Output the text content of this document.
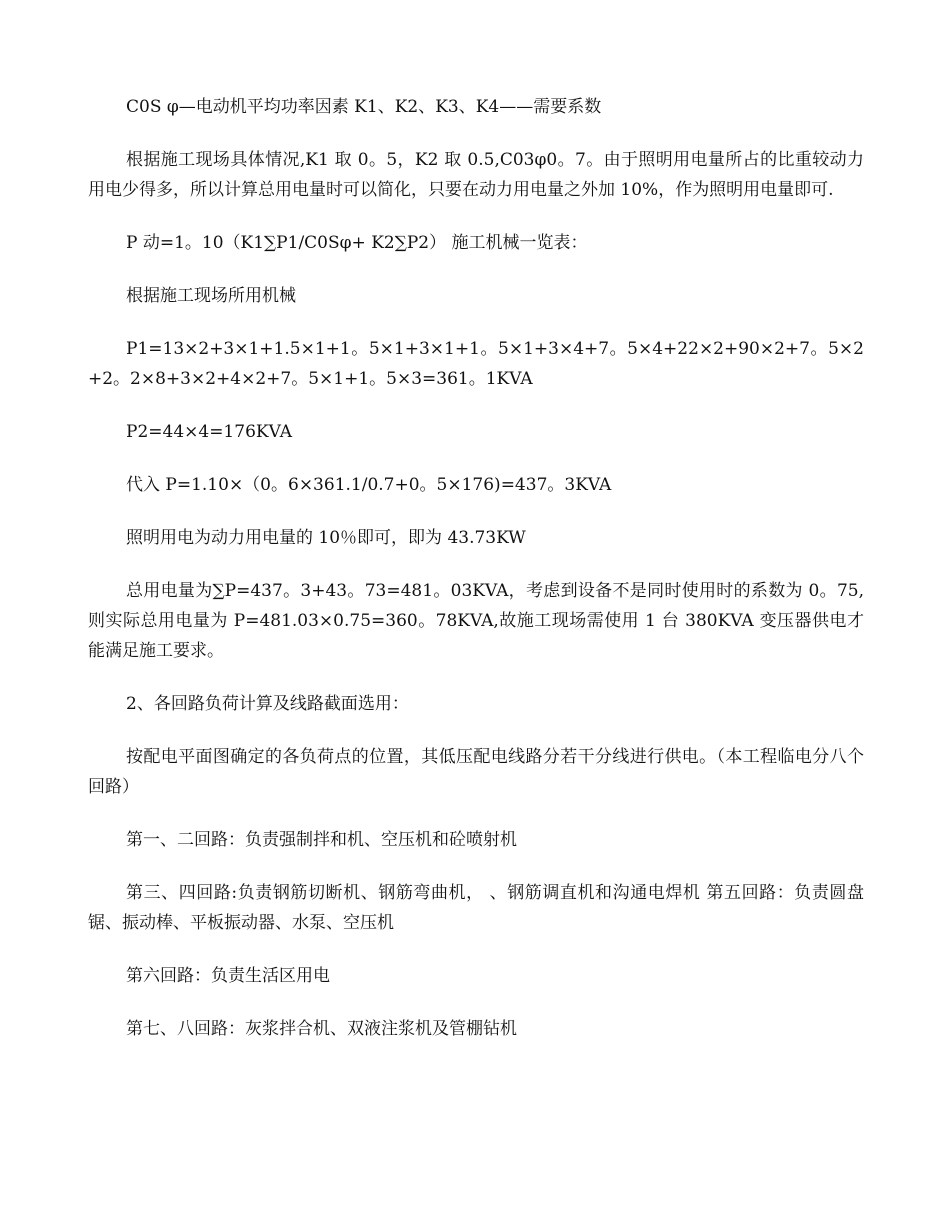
C0S φ—电动机平均功率因素 K1、K2、K3、K4——需要系数

根据施工现场具体情况,K1 取 0。5，K2 取 0.5,C03φ0。7。由于照明用电量所占的比重较动力用电少得多，所以计算总用电量时可以简化，只要在动力用电量之外加 10%，作为照明用电量即可.

P 动=1。10（K1∑P1/C0Sφ+ K2∑P2） 施工机械一览表：

根据施工现场所用机械

P1=13×2+3×1+1.5×1+1。5×1+3×1+1。5×1+3×4+7。5×4+22×2+90×2+7。5×2+2。2×8+3×2+4×2+7。5×1+1。5×3=361。1KVA

P2=44×4=176KVA

代入 P=1.10×（0。6×361.1/0.7+0。5×176)=437。3KVA

照明用电为动力用电量的 10％即可，即为 43.73KW

总用电量为∑P=437。3+43。73=481。03KVA，考虑到设备不是同时使用时的系数为 0。75,则实际总用电量为 P=481.03×0.75=360。78KVA,故施工现场需使用 1 台 380KVA 变压器供电才能满足施工要求。

2、各回路负荷计算及线路截面选用：

按配电平面图确定的各负荷点的位置，其低压配电线路分若干分线进行供电。（本工程临电分八个回路）

第一、二回路：负责强制拌和机、空压机和砼喷射机

第三、四回路:负责钢筋切断机、钢筋弯曲机， 、钢筋调直机和沟通电焊机 第五回路：负责圆盘锯、振动棒、平板振动器、水泵、空压机

第六回路：负责生活区用电

第七、八回路：灰浆拌合机、双液注浆机及管棚钻机
